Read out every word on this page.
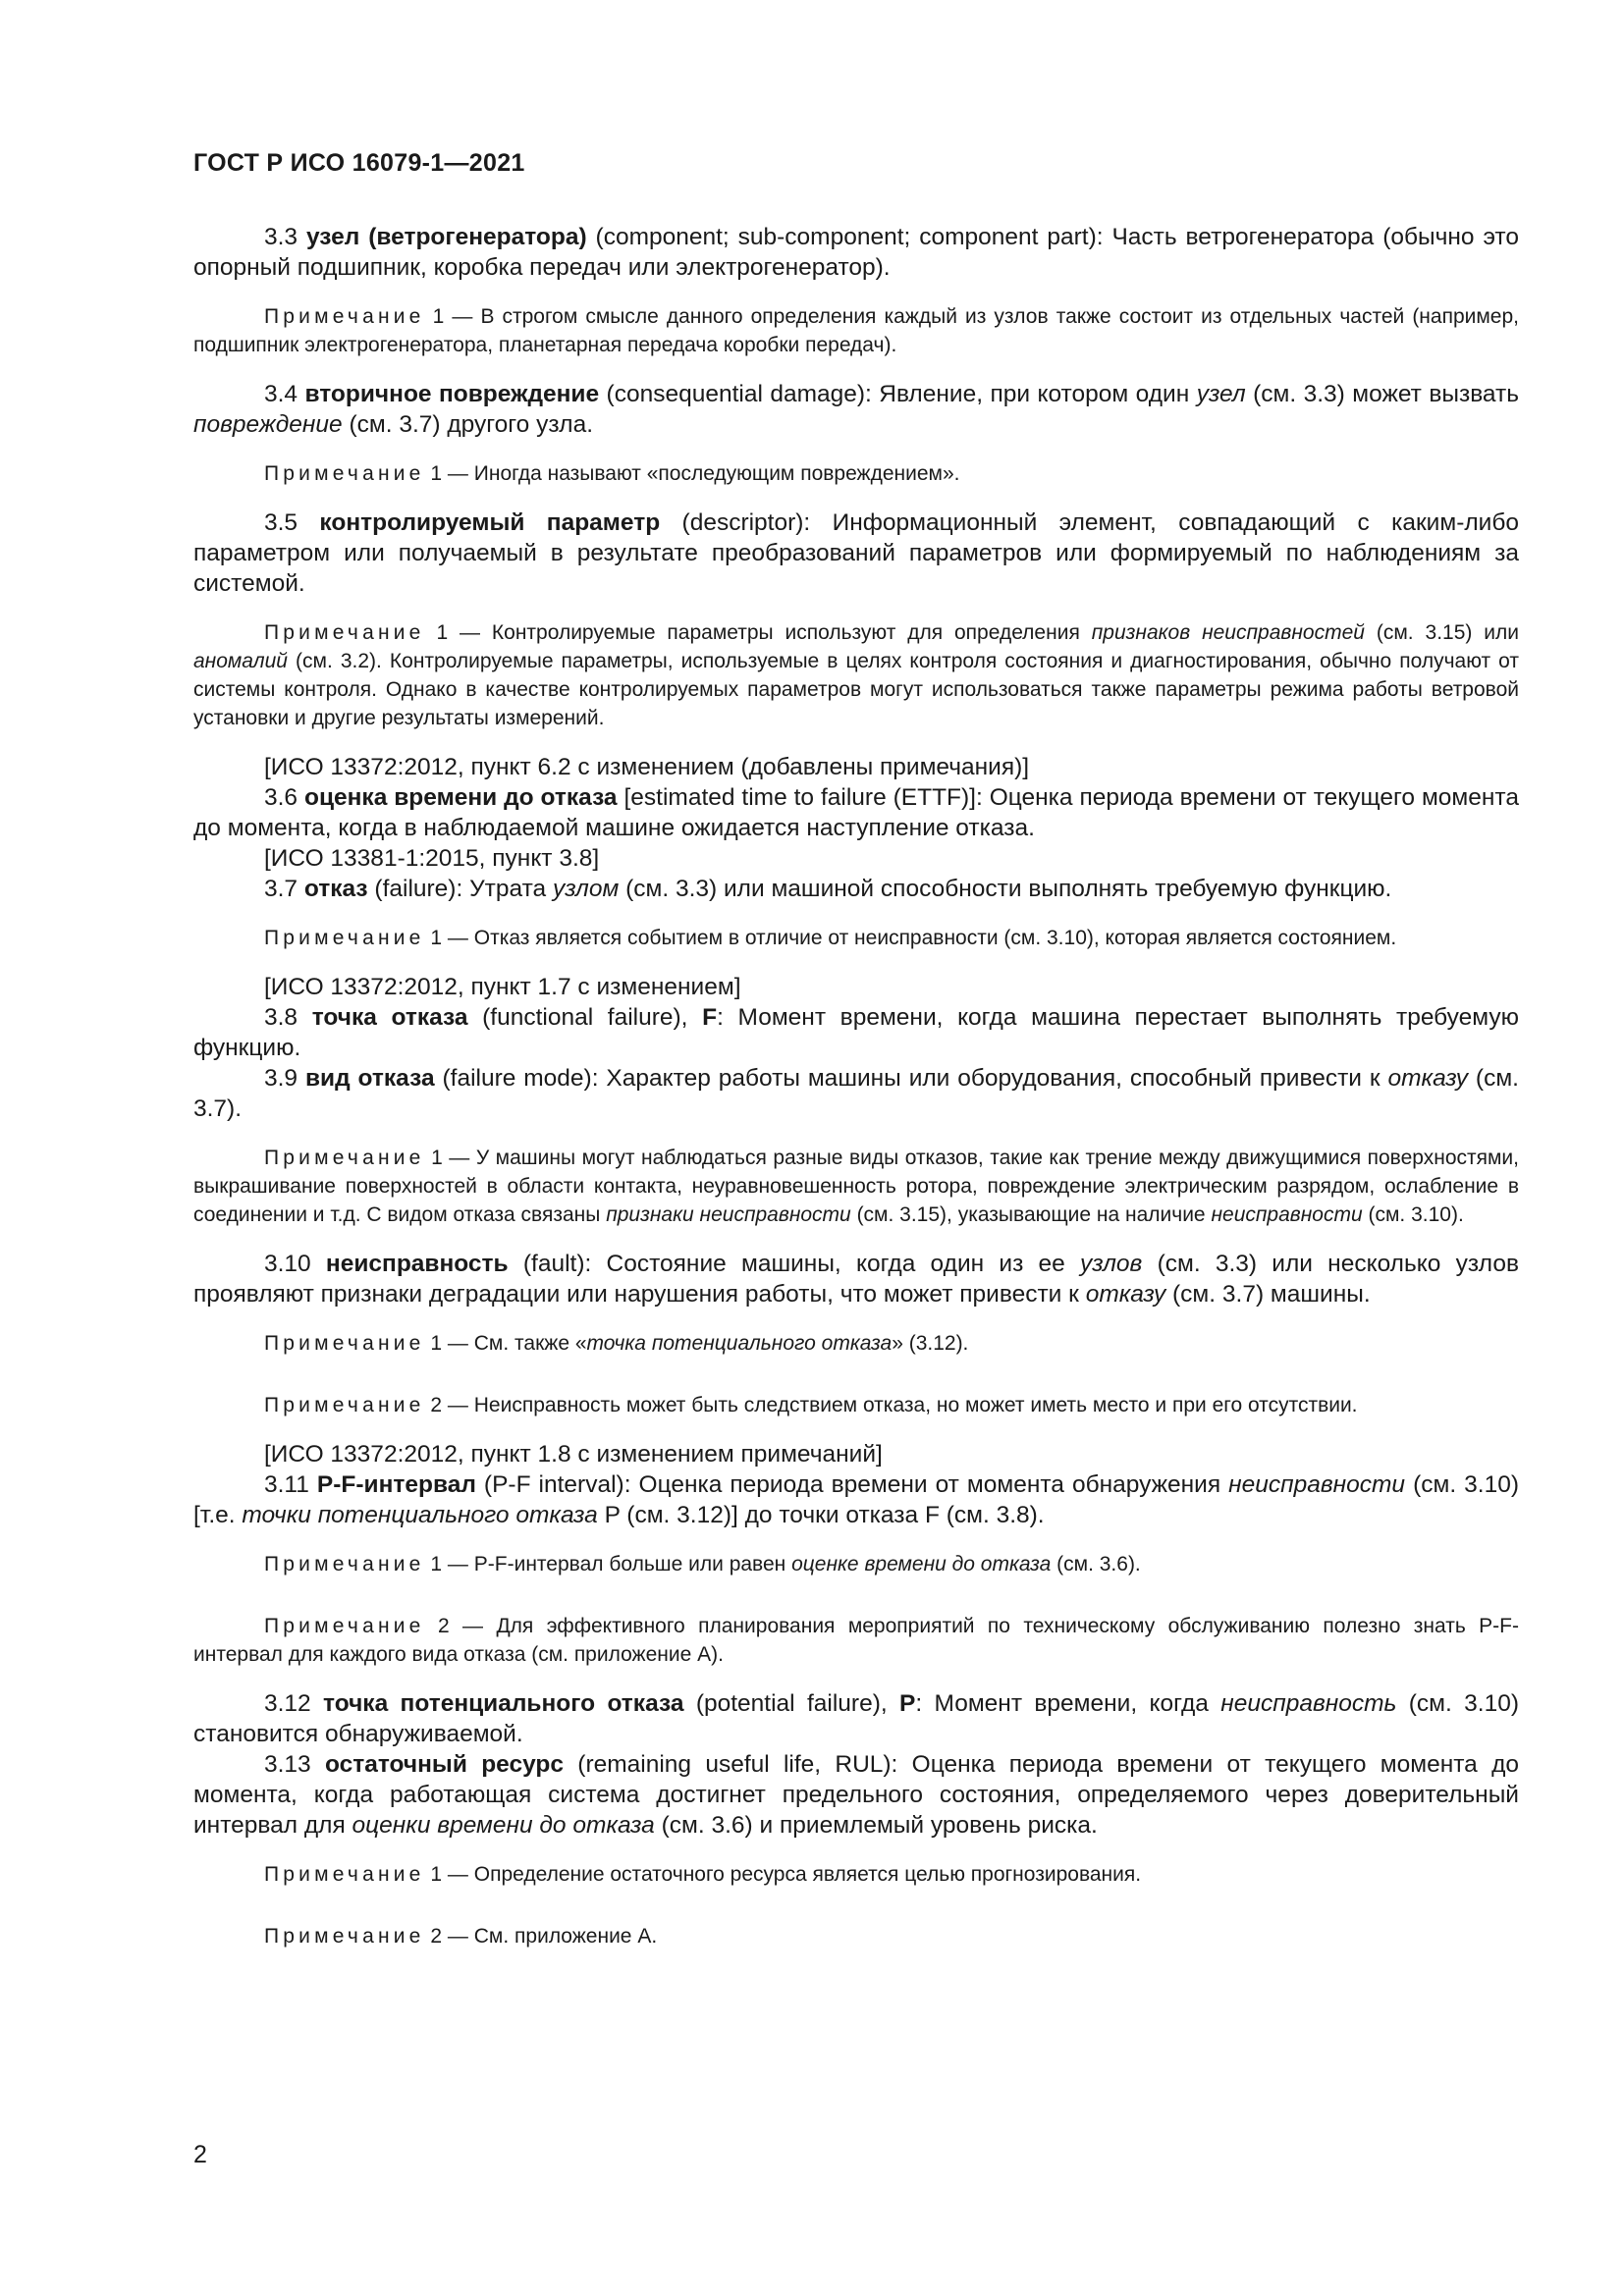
ГОСТ Р ИСО 16079-1—2021

3.3 узел (ветрогенератора) (component; sub-component; component part): Часть ветрогенератора (обычно это опорный подшипник, коробка передач или электрогенератор).

Примечание 1 — В строгом смысле данного определения каждый из узлов также состоит из отдельных частей (например, подшипник электрогенератора, планетарная передача коробки передач).

3.4 вторичное повреждение (consequential damage): Явление, при котором один узел (см. 3.3) может вызвать повреждение (см. 3.7) другого узла.

Примечание 1 — Иногда называют «последующим повреждением».

3.5 контролируемый параметр (descriptor): Информационный элемент, совпадающий с каким-либо параметром или получаемый в результате преобразований параметров или формируемый по наблюдениям за системой.

Примечание 1 — Контролируемые параметры используют для определения признаков неисправностей (см. 3.15) или аномалий (см. 3.2). Контролируемые параметры, используемые в целях контроля состояния и диагностирования, обычно получают от системы контроля. Однако в качестве контролируемых параметров могут использоваться также параметры режима работы ветровой установки и другие результаты измерений.

[ИСО 13372:2012, пункт 6.2 с изменением (добавлены примечания)]

3.6 оценка времени до отказа [estimated time to failure (ETTF)]: Оценка периода времени от текущего момента до момента, когда в наблюдаемой машине ожидается наступление отказа.

[ИСО 13381-1:2015, пункт 3.8]

3.7 отказ (failure): Утрата узлом (см. 3.3) или машиной способности выполнять требуемую функцию.

Примечание 1 — Отказ является событием в отличие от неисправности (см. 3.10), которая является состоянием.

[ИСО 13372:2012, пункт 1.7 с изменением]

3.8 точка отказа (functional failure), F: Момент времени, когда машина перестает выполнять требуемую функцию.

3.9 вид отказа (failure mode): Характер работы машины или оборудования, способный привести к отказу (см. 3.7).

Примечание 1 — У машины могут наблюдаться разные виды отказов, такие как трение между движущимися поверхностями, выкрашивание поверхностей в области контакта, неуравновешенность ротора, повреждение электрическим разрядом, ослабление в соединении и т.д. С видом отказа связаны признаки неисправности (см. 3.15), указывающие на наличие неисправности (см. 3.10).

3.10 неисправность (fault): Состояние машины, когда один из ее узлов (см. 3.3) или несколько узлов проявляют признаки деградации или нарушения работы, что может привести к отказу (см. 3.7) машины.

Примечание 1 — См. также «точка потенциального отказа» (3.12).

Примечание 2 — Неисправность может быть следствием отказа, но может иметь место и при его отсутствии.

[ИСО 13372:2012, пункт 1.8 с изменением примечаний]

3.11 P-F-интервал (P-F interval): Оценка периода времени от момента обнаружения неисправности (см. 3.10) [т.е. точки потенциального отказа P (см. 3.12)] до точки отказа F (см. 3.8).

Примечание 1 — P-F-интервал больше или равен оценке времени до отказа (см. 3.6).

Примечание 2 — Для эффективного планирования мероприятий по техническому обслуживанию полезно знать P-F-интервал для каждого вида отказа (см. приложение А).

3.12 точка потенциального отказа (potential failure), P: Момент времени, когда неисправность (см. 3.10) становится обнаруживаемой.

3.13 остаточный ресурс (remaining useful life, RUL): Оценка периода времени от текущего момента до момента, когда работающая система достигнет предельного состояния, определяемого через доверительный интервал для оценки времени до отказа (см. 3.6) и приемлемый уровень риска.

Примечание 1 — Определение остаточного ресурса является целью прогнозирования.

Примечание 2 — См. приложение А.

2
